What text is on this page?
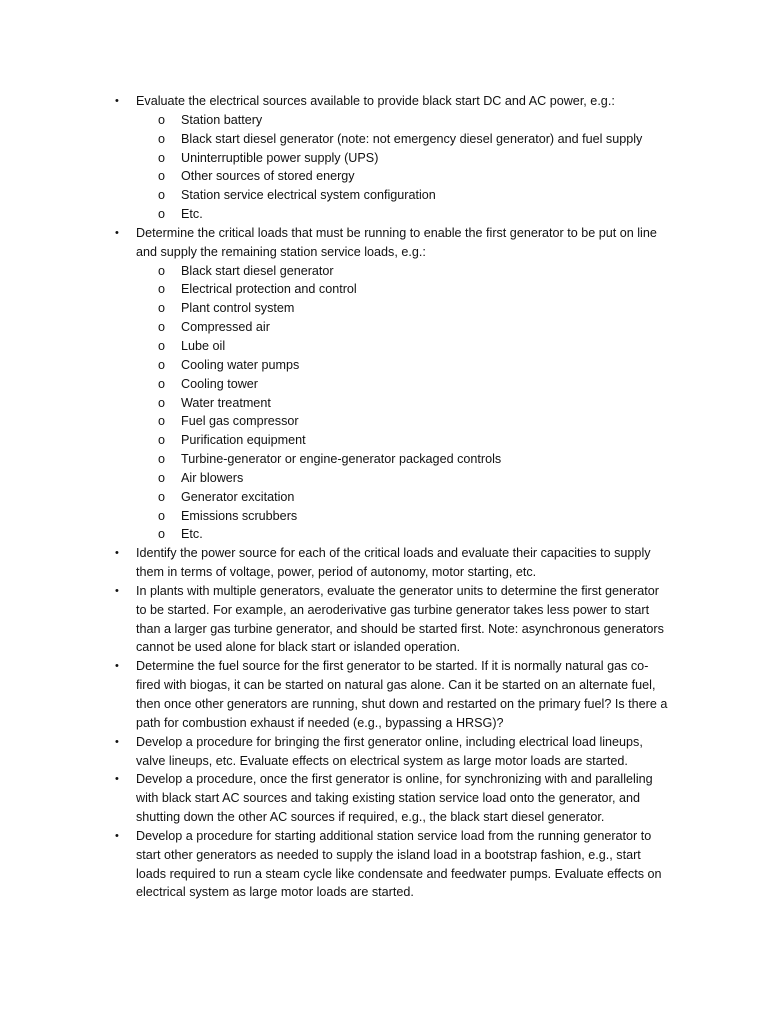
• Evaluate the electrical sources available to provide black start DC and AC power, e.g.:
o Station battery
o Black start diesel generator (note: not emergency diesel generator) and fuel supply
o Uninterruptible power supply (UPS)
o Other sources of stored energy
o Station service electrical system configuration
o Etc.
• Determine the critical loads that must be running to enable the first generator to be put on line
and supply the remaining station service loads, e.g.:
o Black start diesel generator
o Electrical protection and control
o Plant control system
o Compressed air
o Lube oil
o Cooling water pumps
o Cooling tower
o Water treatment
o Fuel gas compressor
o Purification equipment
o Turbine-generator or engine-generator packaged controls
o Air blowers
o Generator excitation
o Emissions scrubbers
o Etc.
• Identify the power source for each of the critical loads and evaluate their capacities to supply
them in terms of voltage, power, period of autonomy, motor starting, etc.
• In plants with multiple generators, evaluate the generator units to determine the first generator
to be started. For example, an aeroderivative gas turbine generator takes less power to start
than a larger gas turbine generator, and should be started first. Note: asynchronous generators
cannot be used alone for black start or islanded operation.
• Determine the fuel source for the first generator to be started. If it is normally natural gas co-
fired with biogas, it can be started on natural gas alone. Can it be started on an alternate fuel,
then once other generators are running, shut down and restarted on the primary fuel? Is there a
path for combustion exhaust if needed (e.g., bypassing a HRSG)?
• Develop a procedure for bringing the first generator online, including electrical load lineups,
valve lineups, etc. Evaluate effects on electrical system as large motor loads are started.
• Develop a procedure, once the first generator is online, for synchronizing with and paralleling
with black start AC sources and taking existing station service load onto the generator, and
shutting down the other AC sources if required, e.g., the black start diesel generator.
• Develop a procedure for starting additional station service load from the running generator to
start other generators as needed to supply the island load in a bootstrap fashion, e.g., start
loads required to run a steam cycle like condensate and feedwater pumps. Evaluate effects on
electrical system as large motor loads are started.
